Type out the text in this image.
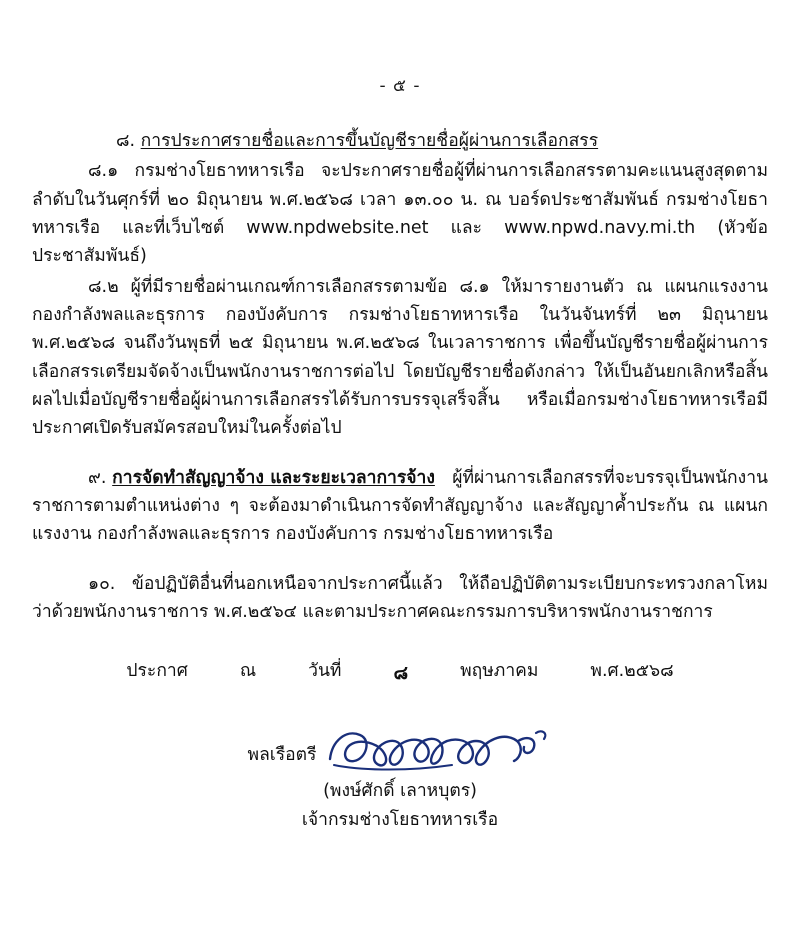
- ๕ -

๘. การประกาศรายชื่อและการขึ้นบัญชีรายชื่อผู้ผ่านการเลือกสรร

๘.๑ กรมช่างโยธาทหารเรือ จะประกาศรายชื่อผู้ที่ผ่านการเลือกสรรตามคะแนนสูงสุดตามลำดับในวันศุกร์ที่ ๒๐ มิถุนายน พ.ศ.๒๕๖๘ เวลา ๑๓.๐๐ น. ณ บอร์ดประชาสัมพันธ์ กรมช่างโยธาทหารเรือ และที่เว็บไซต์ www.npdwebsite.net และ www.npwd.navy.mi.th (หัวข้อประชาสัมพันธ์)

๘.๒ ผู้ที่มีรายชื่อผ่านเกณฑ์การเลือกสรรตามข้อ ๘.๑ ให้มารายงานตัว ณ แผนกแรงงาน กองกำลังพลและธุรการ กองบังคับการ กรมช่างโยธาทหารเรือ ในวันจันทร์ที่ ๒๓ มิถุนายน พ.ศ.๒๕๖๘ จนถึงวันพุธที่ ๒๕ มิถุนายน พ.ศ.๒๕๖๘ ในเวลาราชการ เพื่อขึ้นบัญชีรายชื่อผู้ผ่านการเลือกสรรเตรียมจัดจ้างเป็นพนักงานราชการต่อไป โดยบัญชีรายชื่อดังกล่าว ให้เป็นอันยกเลิกหรือสิ้นผลไปเมื่อบัญชีรายชื่อผู้ผ่านการเลือกสรรได้รับการบรรจุเสร็จสิ้น หรือเมื่อกรมช่างโยธาทหารเรือมีประกาศเปิดรับสมัครสอบใหม่ในครั้งต่อไป

๙. การจัดทำสัญญาจ้าง และระยะเวลาการจ้าง   ผู้ที่ผ่านการเลือกสรรที่จะบรรจุเป็นพนักงานราชการตามตำแหน่งต่าง ๆ จะต้องมาดำเนินการจัดทำสัญญาจ้าง และสัญญาค้ำประกัน ณ แผนกแรงงาน กองกำลังพลและธุรการ กองบังคับการ กรมช่างโยธาทหารเรือ

๑๐. ข้อปฏิบัติอื่นที่นอกเหนือจากประกาศนี้แล้ว ให้ถือปฏิบัติตามระเบียบกระทรวงกลาโหม ว่าด้วยพนักงานราชการ พ.ศ.๒๕๖๔ และตามประกาศคณะกรรมการบริหารพนักงานราชการ

ประกาศ	ณ	วันที่	๘	พฤษภาคม	พ.ศ.๒๕๖๘
พลเรือตรี
(พงษ์ศักดิ์ เลาหบุตร)
เจ้ากรมช่างโยธาทหารเรือ
